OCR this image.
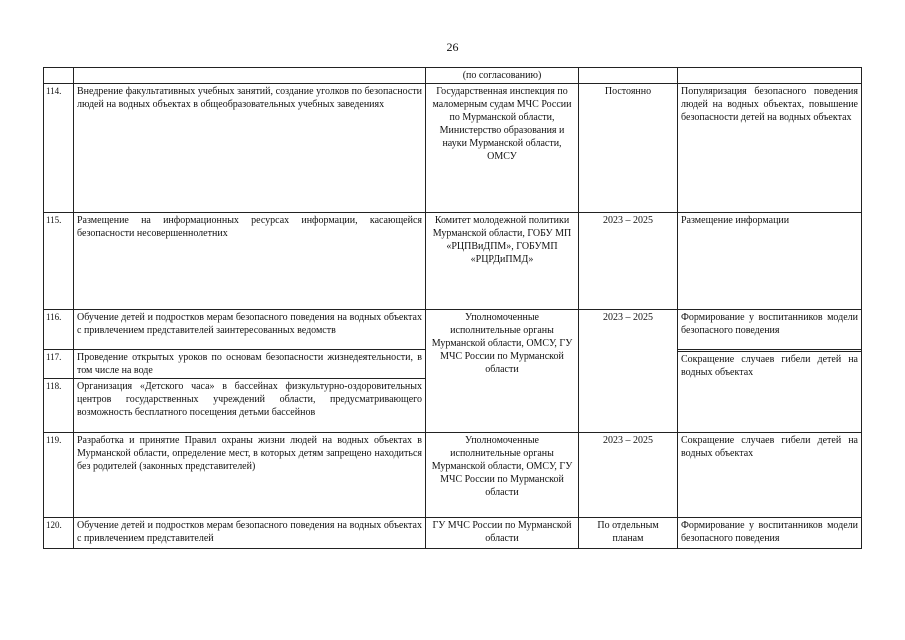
26
		(по согласованию)		
114.	Внедрение факультативных учебных занятий, создание уголков по безопасности людей на водных объектах в общеобразовательных учебных заведениях	Государственная инспекция по маломерным судам МЧС России по Мурманской области, Министерство образования и науки Мурманской области, ОМСУ	Постоянно	Популяризация безопасного поведения людей на водных объектах, повышение безопасности детей на водных объектах
115.	Размещение на информационных ресурсах информации, касающейся безопасности несовершеннолетних	Комитет молодежной политики Мурманской области, ГОБУ МП «РЦПВиДПМ», ГОБУМП «РЦРДиПМД»	2023 – 2025	Размещение информации
116.	Обучение детей и подростков мерам безопасного поведения на водных объектах с привлечением представителей заинтересованных ведомств	Уполномоченные исполнительные органы Мурманской области, ОМСУ, ГУ МЧС России по Мурманской области	2023 – 2025	Формирование у воспитанников модели безопасного поведения
117.	Проведение открытых уроков по основам безопасности жизнедеятельности, в том числе на воде			Сокращение случаев гибели детей на водных объектах

118.	Организация «Детского часа» в бассейнах физкультурно-оздоровительных центров государственных учреждений области, предусматривающего возможность бесплатного посещения детьми бассейнов			
119.	Разработка и принятие Правил охраны жизни людей на водных объектах в Мурманской области, определение мест, в которых детям запрещено находиться без родителей (законных представителей)	Уполномоченные исполнительные органы Мурманской области, ОМСУ, ГУ МЧС России по Мурманской области	2023 – 2025	Сокращение случаев гибели детей на водных объектах
120.	Обучение детей и подростков мерам безопасного поведения на водных объектах с привлечением представителей	ГУ МЧС России по Мурманской области	По отдельным планам	Формирование у воспитанников модели безопасного поведения
